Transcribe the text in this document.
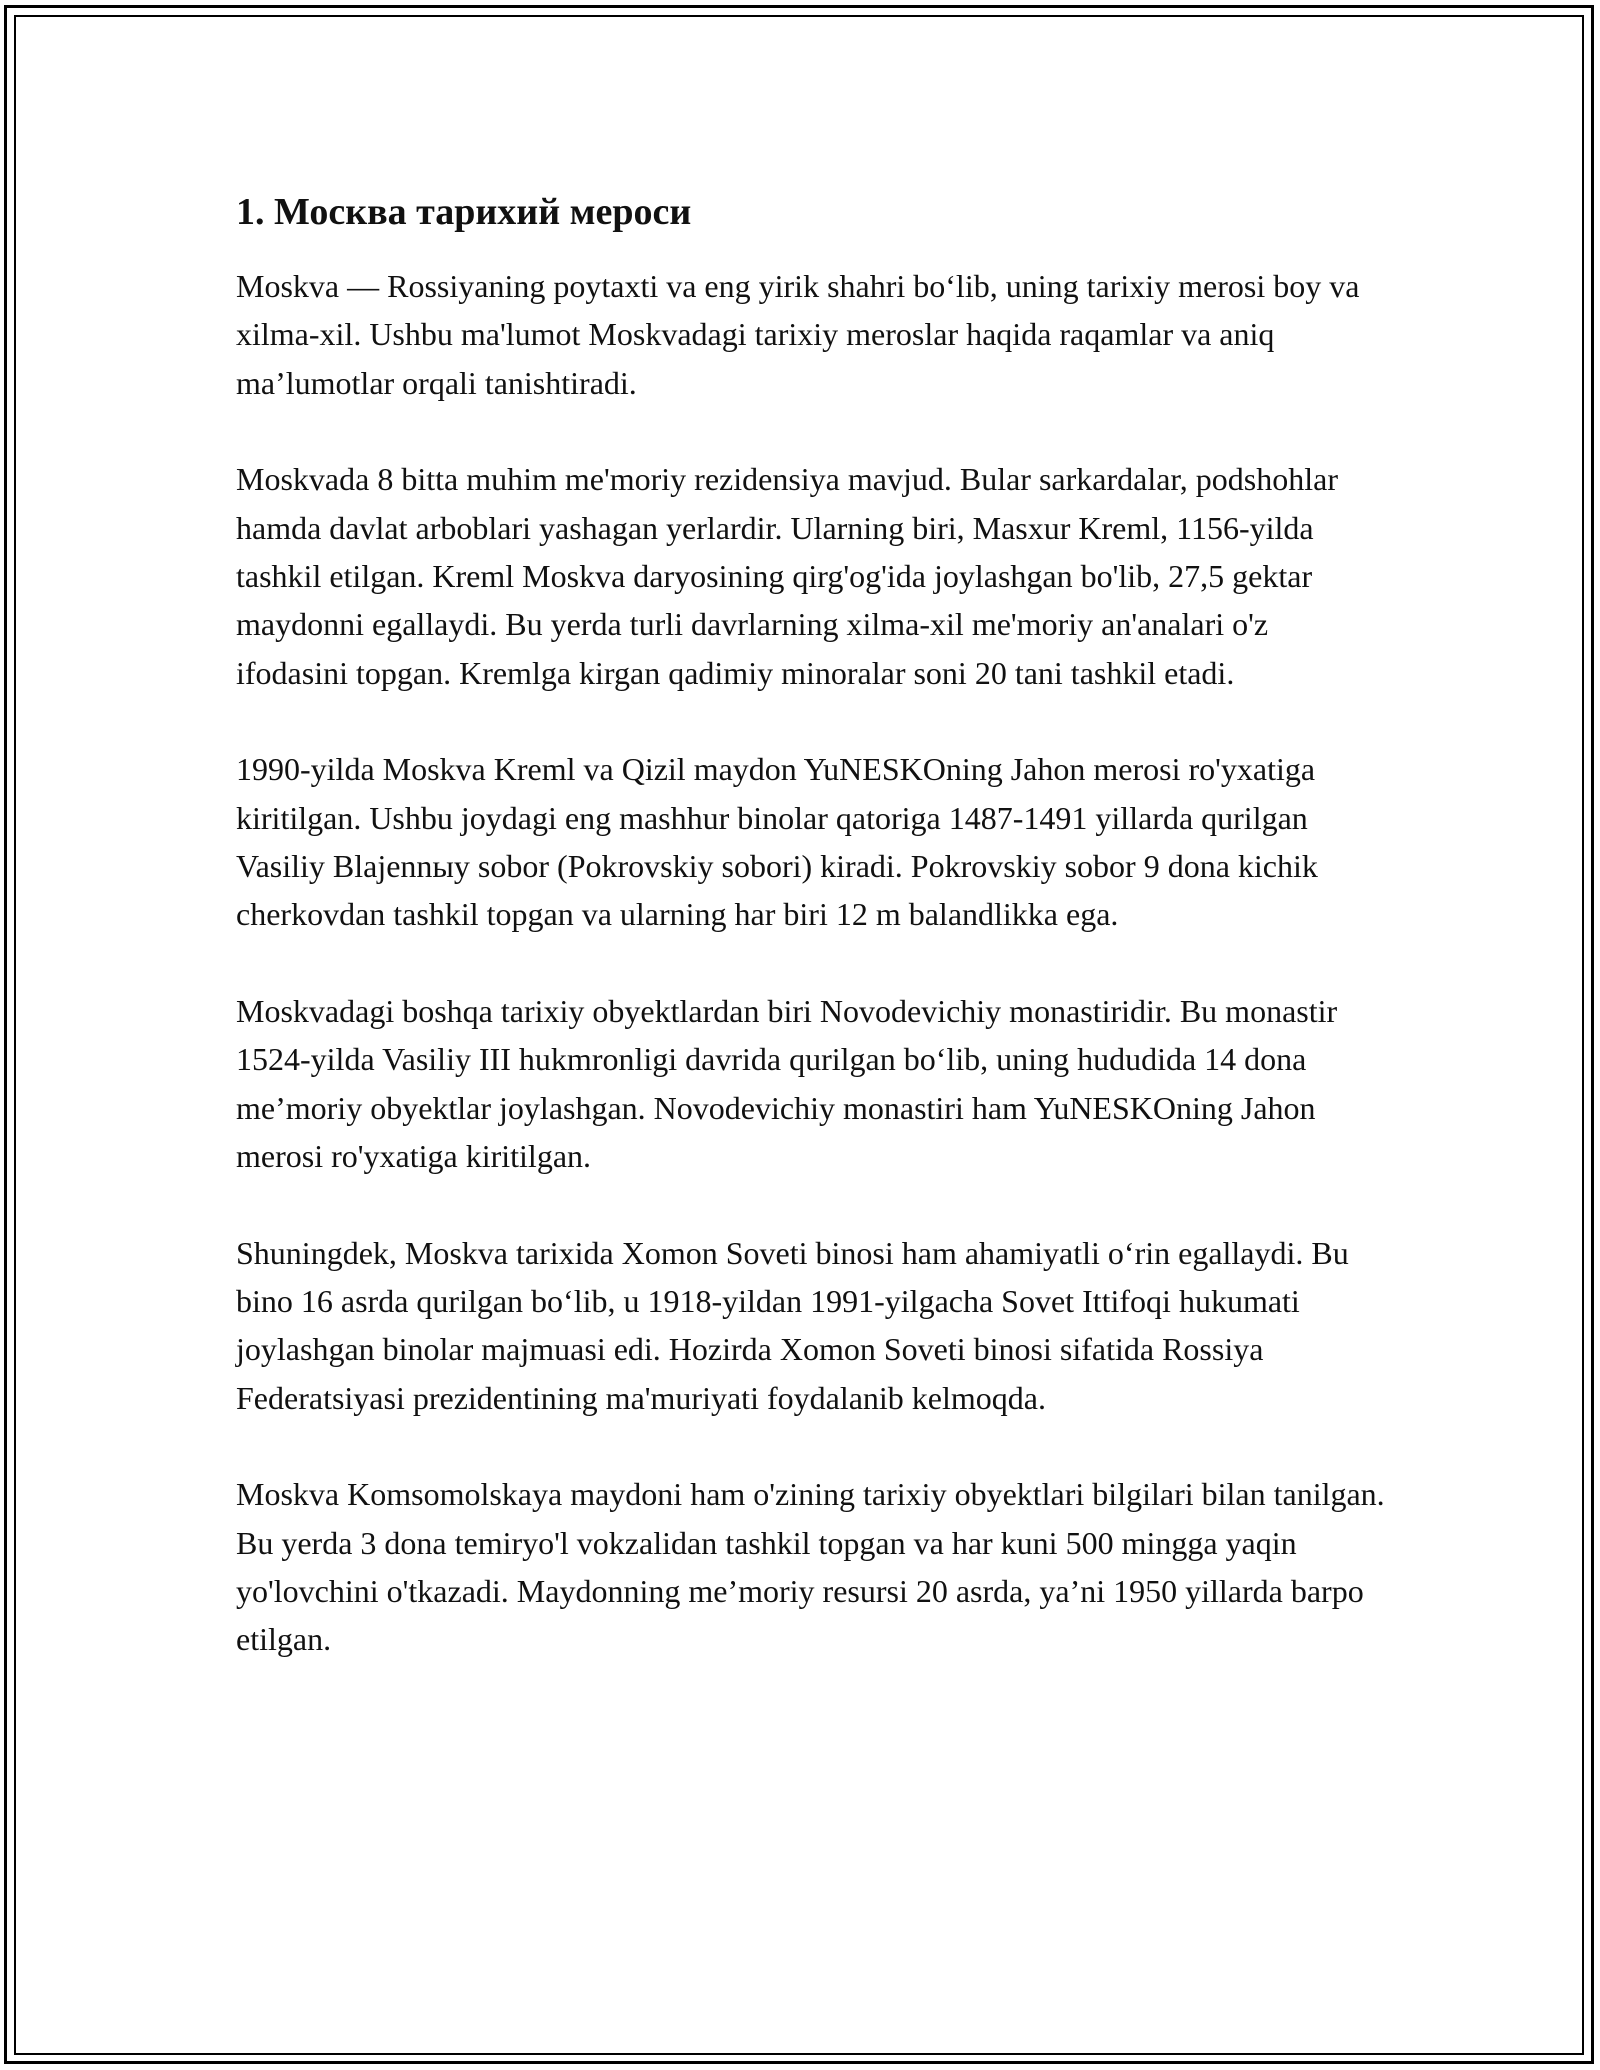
1. Москва тарихий мероси

Moskva — Rossiyaning poytaxti va eng yirik shahri bo‘lib, uning tarixiy merosi boy va xilma-xil. Ushbu ma'lumot Moskvadagi tarixiy meroslar haqida raqamlar va aniq ma’lumotlar orqali tanishtiradi.

Moskvada 8 bitta muhim me'moriy rezidensiya mavjud. Bular sarkardalar, podshohlar hamda davlat arboblari yashagan yerlardir. Ularning biri, Masxur Kreml, 1156-yilda tashkil etilgan. Kreml Moskva daryosining qirg'og'ida joylashgan bo'lib, 27,5 gektar maydonni egallaydi. Bu yerda turli davrlarning xilma-xil me'moriy an'analari o'z ifodasini topgan. Kremlga kirgan qadimiy minoralar soni 20 tani tashkil etadi.

1990-yilda Moskva Kreml va Qizil maydon YuNESKOning Jahon merosi ro'yxatiga kiritilgan. Ushbu joydagi eng mashhur binolar qatoriga 1487-1491 yillarda qurilgan Vasiliy Blajennыy sobor (Pokrovskiy sobori) kiradi. Pokrovskiy sobor 9 dona kichik cherkovdan tashkil topgan va ularning har biri 12 m balandlikka ega.

Moskvadagi boshqa tarixiy obyektlardan biri Novodevichiy monastiridir. Bu monastir 1524-yilda Vasiliy III hukmronligi davrida qurilgan bo‘lib, uning hududida 14 dona me’moriy obyektlar joylashgan. Novodevichiy monastiri ham YuNESKOning Jahon merosi ro'yxatiga kiritilgan.

Shuningdek, Moskva tarixida Xomon Soveti binosi ham ahamiyatli o‘rin egallaydi. Bu bino 16 asrda qurilgan bo‘lib, u 1918-yildan 1991-yilgacha Sovet Ittifoqi hukumati joylashgan binolar majmuasi edi. Hozirda Xomon Soveti binosi sifatida Rossiya Federatsiyasi prezidentining ma'muriyati foydalanib kelmoqda.

Moskva Komsomolskaya maydoni ham o'zining tarixiy obyektlari bilgilari bilan tanilgan. Bu yerda 3 dona temiryo'l vokzalidan tashkil topgan va har kuni 500 mingga yaqin yo'lovchini o'tkazadi. Maydonning me’moriy resursi 20 asrda, ya’ni 1950 yillarda barpo etilgan.
